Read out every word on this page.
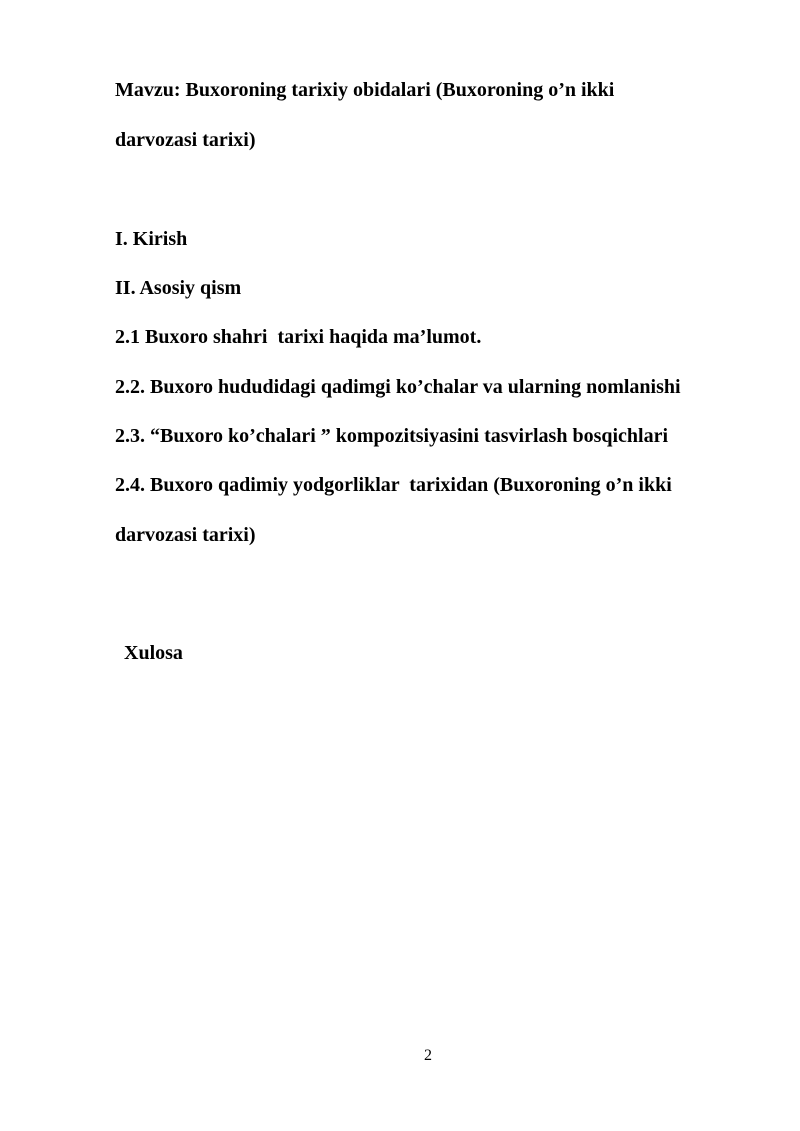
Mavzu: Buxoroning tarixiy obidalari (Buxoroning o’n ikki
darvozasi tarixi)
I. Kirish
II. Asosiy qism
2.1 Buxoro shahri  tarixi haqida ma’lumot.
2.2. Buxoro hududidagi qadimgi ko’chalar va ularning nomlanishi
2.3. “Buxoro ko’chalari ” kompozitsiyasini tasvirlash bosqichlari
2.4. Buxoro qadimiy yodgorliklar  tarixidan (Buxoroning o’n ikki
darvozasi tarixi)
Xulosa
2
